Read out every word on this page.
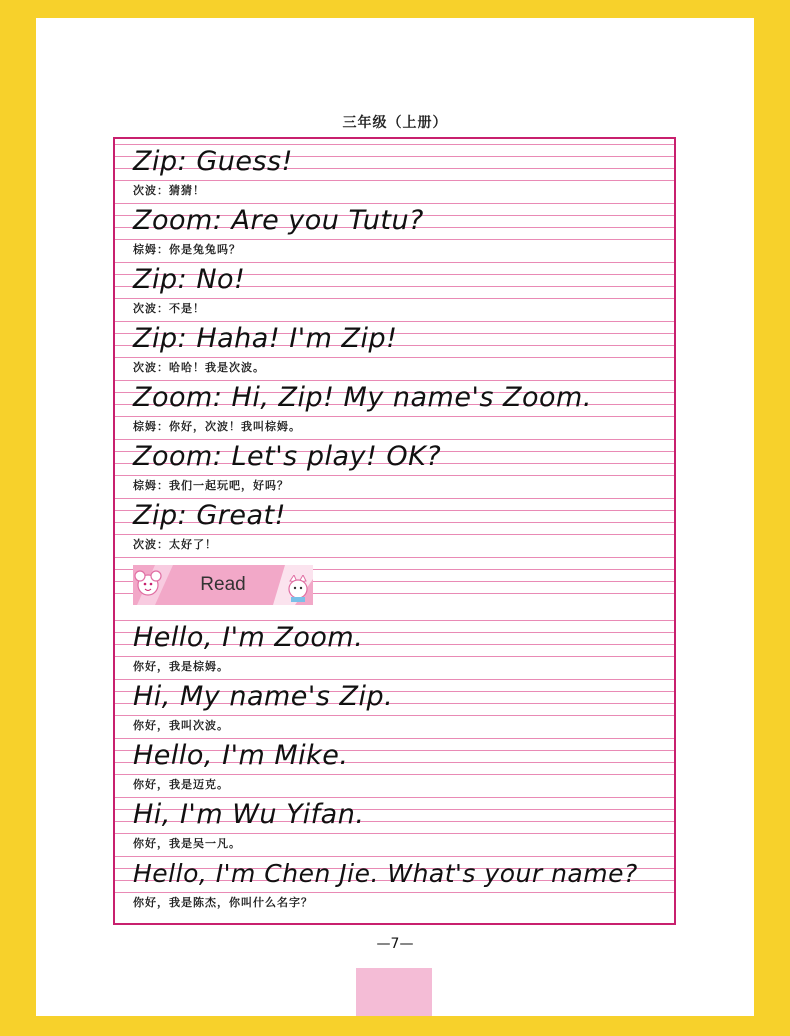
三年级（上册）
Zip: Guess!
次波：猜猜！
Zoom: Are you Tutu?
棕姆：你是兔兔吗？
Zip: No!
次波：不是！
Zip: Haha! I'm Zip!
次波：哈哈！我是次波。
Zoom: Hi, Zip! My name's Zoom.
棕姆：你好，次波！我叫棕姆。
Zoom: Let's play! OK?
棕姆：我们一起玩吧，好吗？
Zip: Great!
次波：太好了！
Read
Hello, I'm Zoom.
你好，我是棕姆。
Hi, My name's Zip.
你好，我叫次波。
Hello, I'm Mike.
你好，我是迈克。
Hi, I'm Wu Yifan.
你好，我是吴一凡。
Hello, I'm Chen Jie. What's your name?
你好，我是陈杰，你叫什么名字？
—7—
